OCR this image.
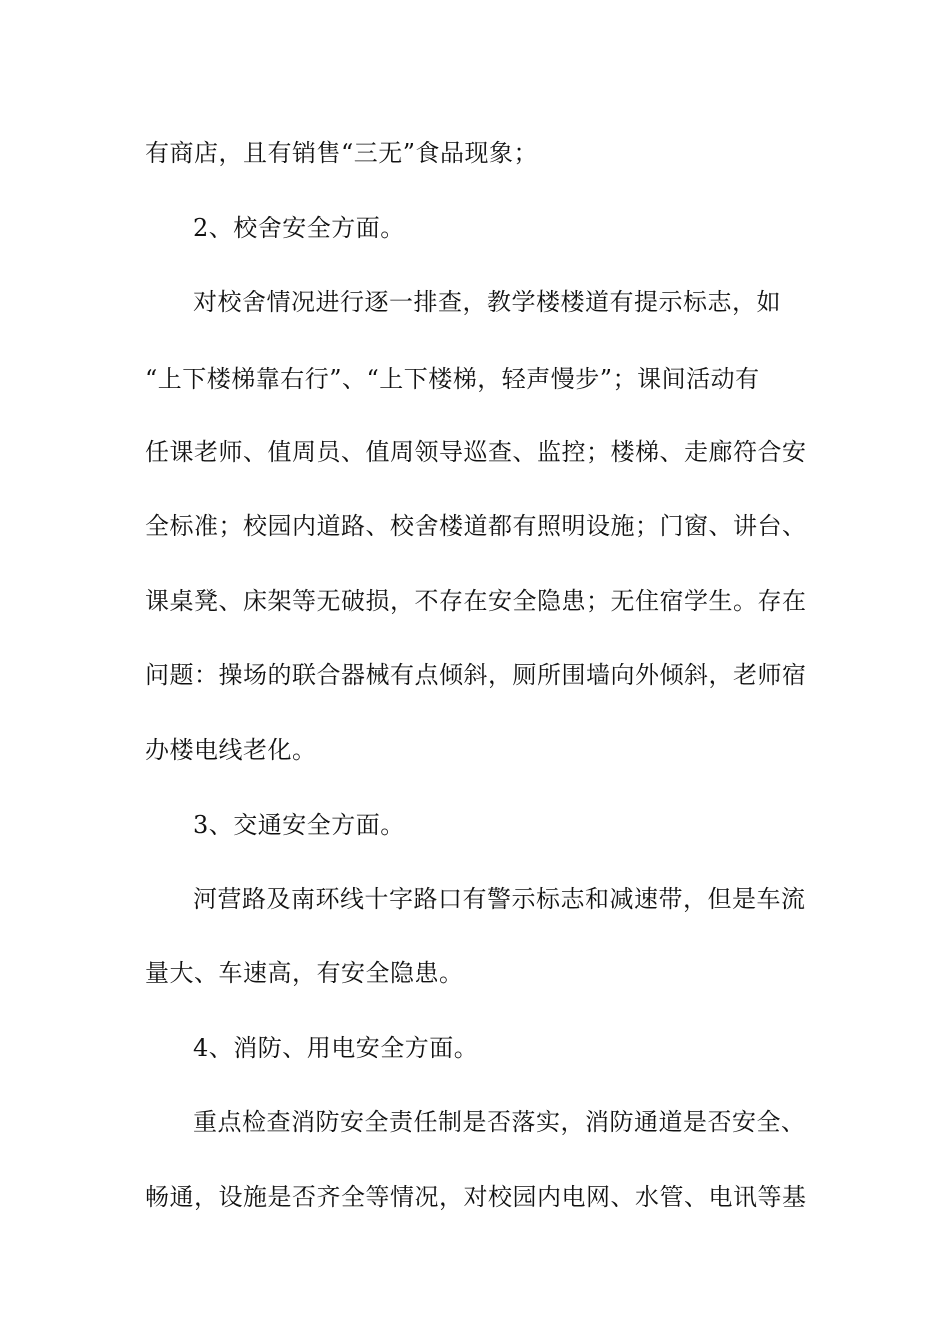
有商店，且有销售“三无”食品现象；
2、校舍安全方面。
对校舍情况进行逐一排查，教学楼楼道有提示标志，如
“上下楼梯靠右行”、“上下楼梯，轻声慢步”；课间活动有
任课老师、值周员、值周领导巡查、监控；楼梯、走廊符合安
全标准；校园内道路、校舍楼道都有照明设施；门窗、讲台、
课桌凳、床架等无破损，不存在安全隐患；无住宿学生。存在
问题：操场的联合器械有点倾斜，厕所围墙向外倾斜，老师宿
办楼电线老化。
3、交通安全方面。
河营路及南环线十字路口有警示标志和减速带，但是车流
量大、车速高，有安全隐患。
4、消防、用电安全方面。
重点检查消防安全责任制是否落实，消防通道是否安全、
畅通，设施是否齐全等情况，对校园内电网、水管、电讯等基
